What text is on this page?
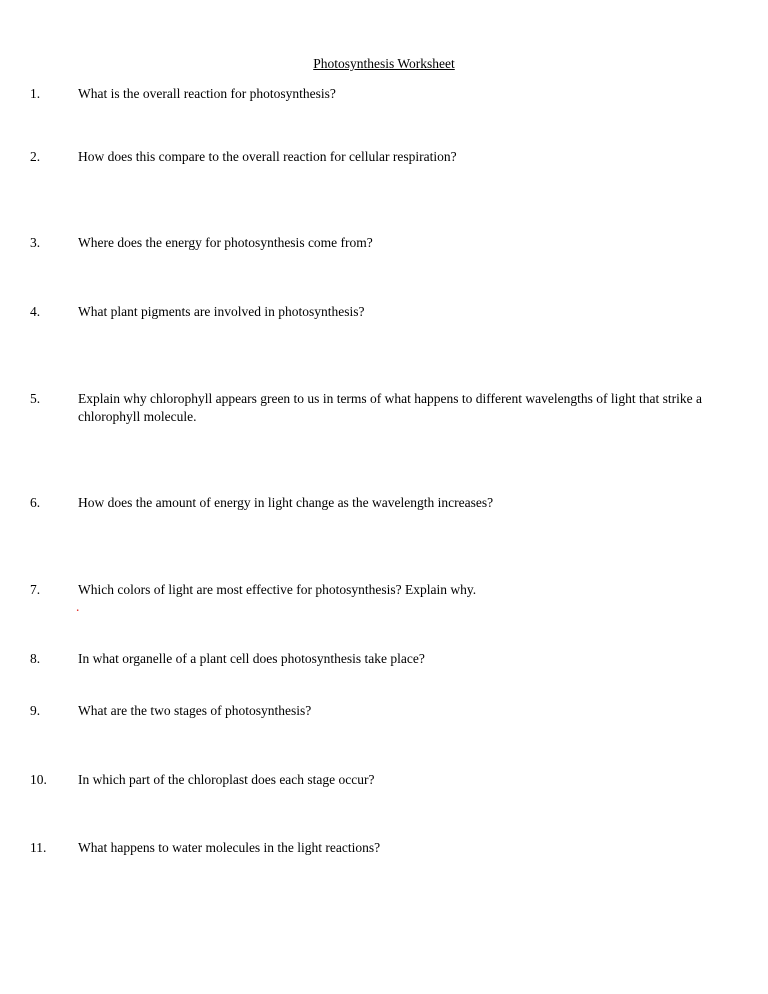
Photosynthesis Worksheet
1.	What is the overall reaction for photosynthesis?
2.	How does this compare to the overall reaction for cellular respiration?
3.	Where does the energy for photosynthesis come from?
4.	What plant pigments are involved in photosynthesis?
5.	Explain why chlorophyll appears green to us in terms of what happens to different wavelengths of light that strike a chlorophyll molecule.
6.	How does the amount of energy in light change as the wavelength increases?
7.	Which colors of light are most effective for photosynthesis? Explain why.
.
8.	In what organelle of a plant cell does photosynthesis take place?
9.	What are the two stages of photosynthesis?
10. In which part of the chloroplast does each stage occur?
11. What happens to water molecules in the light reactions?
